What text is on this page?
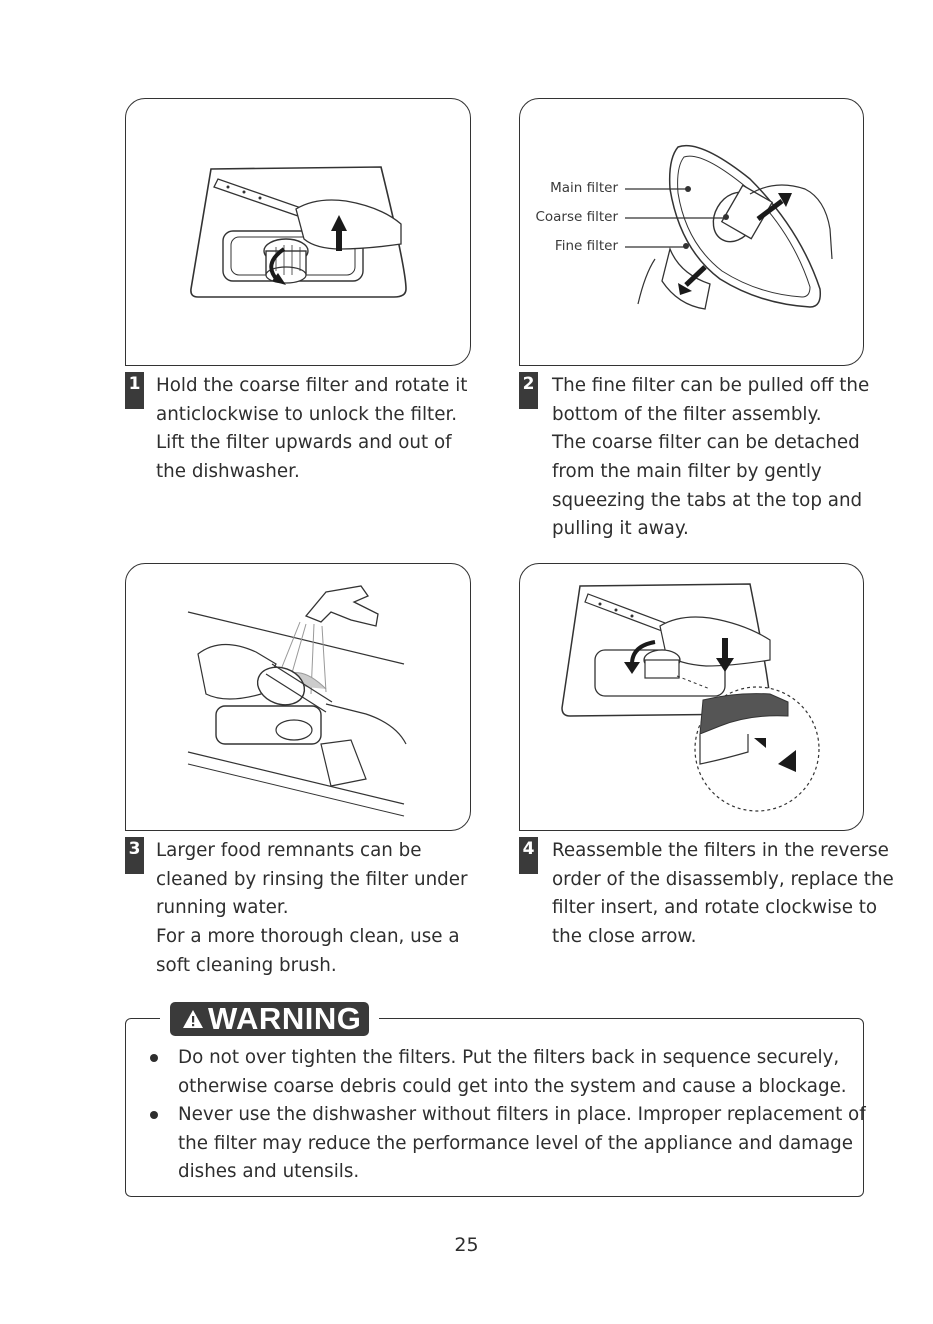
1 Hold the coarse filter and rotate it
anticlockwise to unlock the filter.
Lift the filter upwards and out of
the dishwasher.
Main filter
Coarse filter
Fine filter
2 The fine filter can be pulled off the
bottom of the filter assembly.
The coarse filter can be detached
from the main filter by gently
squeezing the tabs at the top and
pulling it away.
3 Larger food remnants can be
cleaned by rinsing the filter under
running water.
For a more thorough clean, use a
soft cleaning brush.
4 Reassemble the filters in the reverse
order of the disassembly, replace the
filter insert, and rotate clockwise to
the close arrow.
WARNING
Do not over tighten the filters. Put the filters back in sequence securely,
otherwise coarse debris could get into the system and cause a blockage.
Never use the dishwasher without filters in place. Improper replacement of
the filter may reduce the performance level of the appliance and damage
dishes and utensils.
25
